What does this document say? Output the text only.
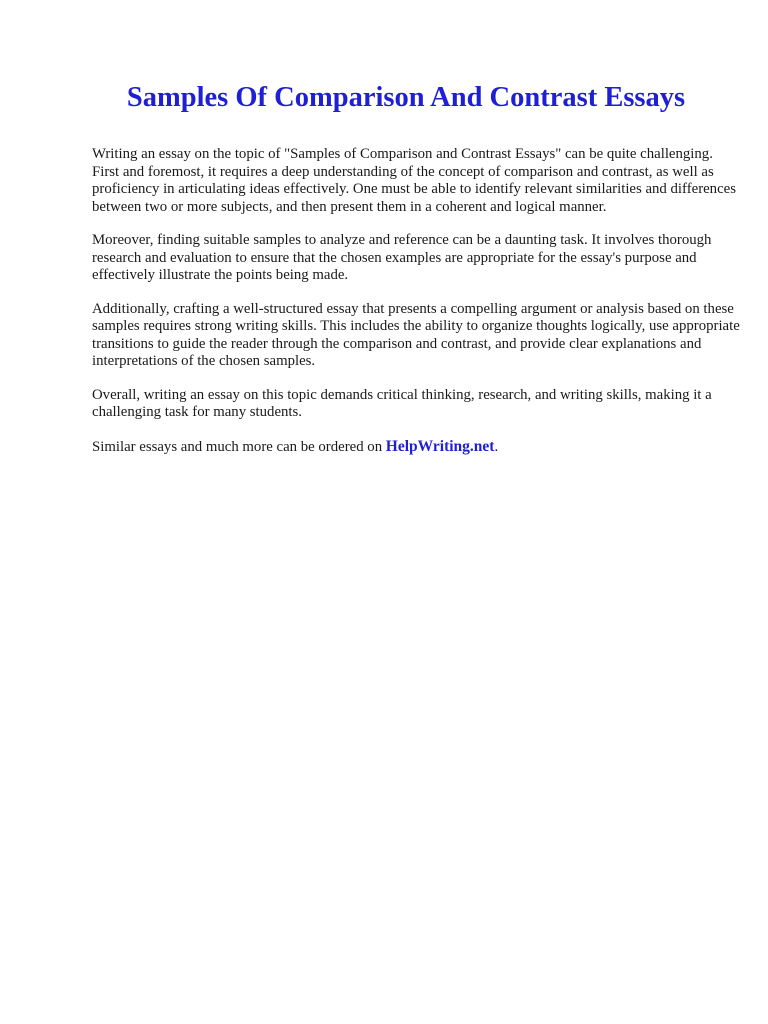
Samples Of Comparison And Contrast Essays

Writing an essay on the topic of "Samples of Comparison and Contrast Essays" can be quite challenging. First and foremost, it requires a deep understanding of the concept of comparison and contrast, as well as proficiency in articulating ideas effectively. One must be able to identify relevant similarities and differences between two or more subjects, and then present them in a coherent and logical manner.

Moreover, finding suitable samples to analyze and reference can be a daunting task. It involves thorough research and evaluation to ensure that the chosen examples are appropriate for the essay's purpose and effectively illustrate the points being made.

Additionally, crafting a well-structured essay that presents a compelling argument or analysis based on these samples requires strong writing skills. This includes the ability to organize thoughts logically, use appropriate transitions to guide the reader through the comparison and contrast, and provide clear explanations and interpretations of the chosen samples.

Overall, writing an essay on this topic demands critical thinking, research, and writing skills, making it a challenging task for many students.

Similar essays and much more can be ordered on HelpWriting.net.
